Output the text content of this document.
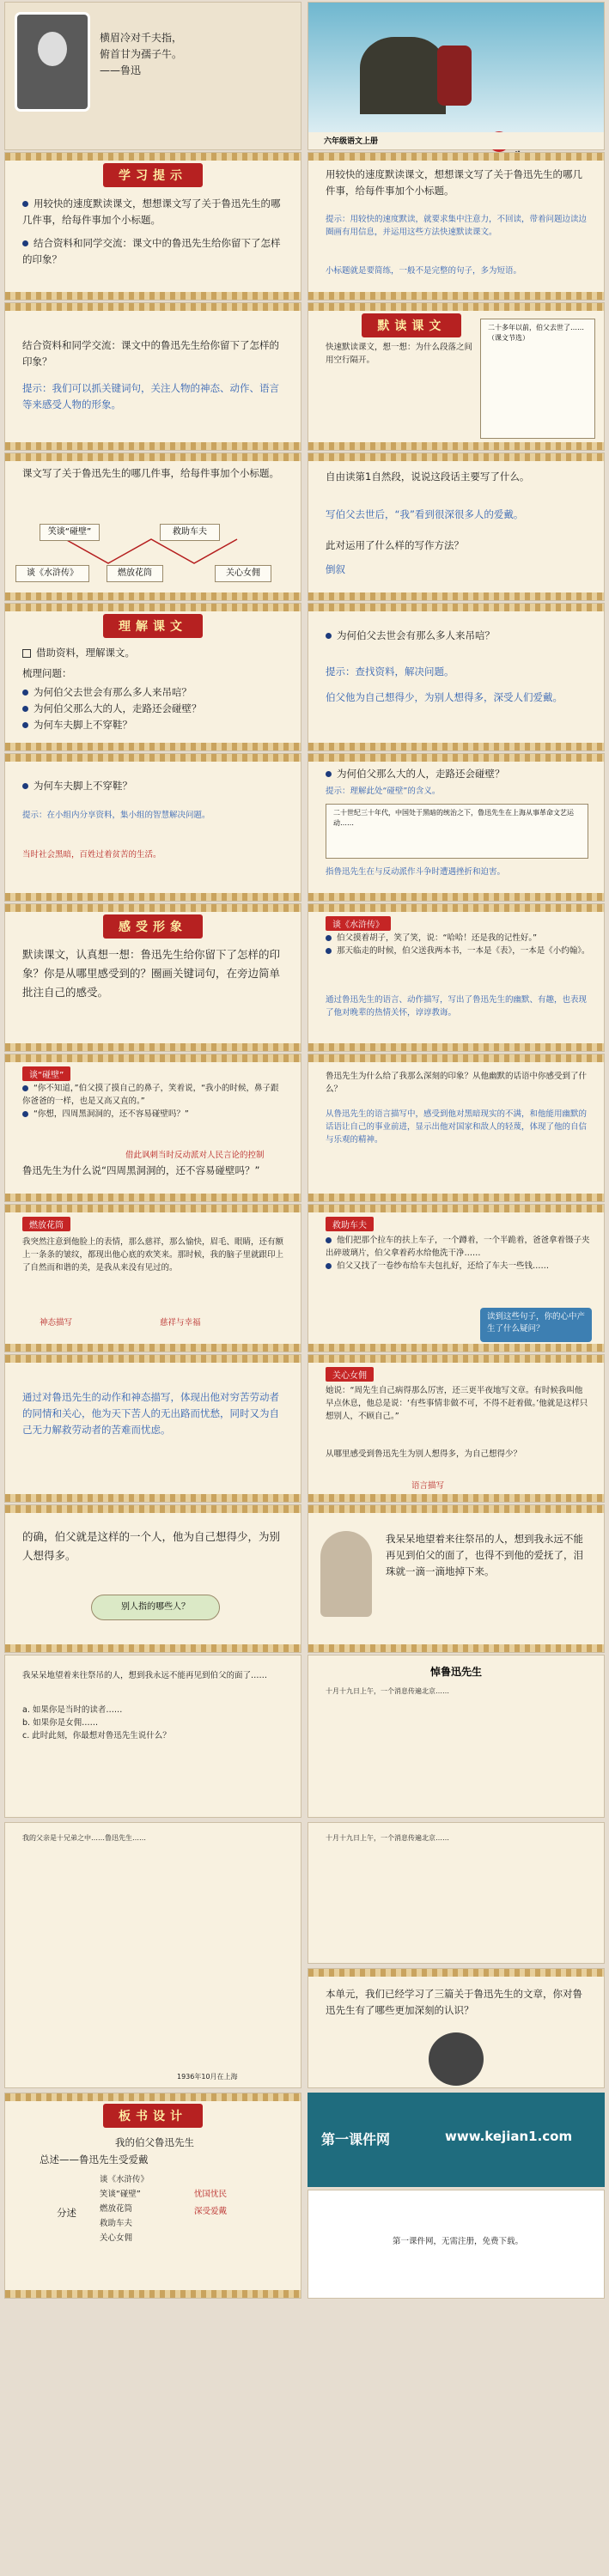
横眉冷对千夫指，
俯首甘为孺子牛。
——鲁迅
六年级语文上册
学习提示
用较快的速度默读课文，想想课文写了关于鲁迅先生的哪几件事，给每件事加个小标题。
结合资料和同学交流：课文中的鲁迅先生给你留下了怎样的印象？
用较快的速度默读课文，想想课文写了关于鲁迅先生的哪几件事，给每件事加个小标题。
提示：用较快的速度默读，就要求集中注意力，不回读，带着问题边读边圈画有用信息，并运用这些方法快速默读课文。
小标题就是要简练，一般不是完整的句子，多为短语。
结合资料和同学交流：课文中的鲁迅先生给你留下了怎样的印象？
提示：我们可以抓关键词句，关注人物的神态、动作、语言等来感受人物的形象。
默读课文
快速默读课文，想一想：为什么段落之间用空行隔开。
二十多年以前，伯父去世了……（课文节选）
课文写了关于鲁迅先生的哪几件事，给每件事加个小标题。
笑谈“碰壁”	救助车夫
谈《水浒传》	燃放花筒	关心女佣
自由读第1自然段，说说这段话主要写了什么。
写伯父去世后，“我”看到很深很多人的爱戴。
此对运用了什么样的写作方法？
倒叙
理解课文
借助资料，理解课文。
梳理问题：
为何伯父去世会有那么多人来吊唁？
为何伯父那么大的人，走路还会碰壁？
为何车夫脚上不穿鞋？
为何伯父去世会有那么多人来吊唁？
提示：查找资料，解决问题。
伯父他为自己想得少，为别人想得多，深受人们爱戴。
为何车夫脚上不穿鞋？
提示：在小组内分享资料，集小组的智慧解决问题。
当时社会黑暗，百姓过着贫苦的生活。
为何伯父那么大的人，走路还会碰壁？
提示：理解此处“碰壁”的含义。
二十世纪三十年代，中国处于黑暗的统治之下，鲁迅先生在上海从事革命文艺运动……
指鲁迅先生在与反动派作斗争时遭遇挫折和迫害。
感受形象
默读课文，认真想一想：鲁迅先生给你留下了怎样的印象？你是从哪里感受到的？圈画关键词句，在旁边简单批注自己的感受。
谈《水浒传》
伯父摸着胡子，笑了笑，说：“哈哈！还是我的记性好。”
那天临走的时候，伯父送我两本书，一本是《表》，一本是《小约翰》。
通过鲁迅先生的语言、动作描写，写出了鲁迅先生的幽默、有趣，也表现了他对晚辈的热情关怀，谆谆教诲。
谈“碰壁”
“你不知道，”伯父摸了摸自己的鼻子，笑着说，“我小的时候，鼻子跟你爸爸的一样，也是又高又直的。”
“你想，四周黑洞洞的，还不容易碰壁吗？”
借此讽刺当时反动派对人民言论的控制
鲁迅先生为什么说“四周黑洞洞的，还不容易碰壁吗？”
鲁迅先生为什么给了我那么深刻的印象？从他幽默的话语中你感受到了什么？
从鲁迅先生的语言描写中，感受到他对黑暗现实的不满，和他能用幽默的话语让自己的事业前进，显示出他对国家和敌人的轻蔑，体现了他的自信与乐观的精神。
燃放花筒
我突然注意到他脸上的表情，那么慈祥，那么愉快，眉毛、眼睛，还有额上一条条的皱纹，都现出他心底的欢笑来。那时候，我的脑子里就跟印上了自然而和谐的美，是我从来没有见过的。
神态描写	慈祥与幸福
救助车夫
他们把那个拉车的扶上车子，一个蹲着，一个半跪着，爸爸拿着镊子夹出碎玻璃片，伯父拿着药水给他洗干净……
伯父又找了一卷纱布给车夫包扎好，还给了车夫一些钱……
读到这些句子，你的心中产生了什么疑问？
通过对鲁迅先生的动作和神态描写，体现出他对穷苦劳动者的同情和关心，他为天下苦人的无出路而忧愁，同时又为自己无力解救劳动者的苦难而忧虑。
关心女佣
她说：“周先生自己病得那么厉害，还三更半夜地写文章。有时候我叫他早点休息，他总是说：‘有些事情非做不可，不得不赶着做。’他就是这样只想别人，不顾自己。”
从哪里感受到鲁迅先生为别人想得多，为自己想得少？
语言描写
的确，伯父就是这样的一个人，他为自己想得少，为别人想得多。
别人指的哪些人？
我呆呆地望着来往祭吊的人，想到我永远不能再见到伯父的面了，也得不到他的爱抚了，泪珠就一滴一滴地掉下来。
我呆呆地望着来往祭吊的人，想到我永远不能再见到伯父的面了……
a. 如果你是当时的读者……
b. 如果你是女佣……
c. 此时此刻，你最想对鲁迅先生说什么？
悼鲁迅先生
十月十九日上午，一个消息传遍北京……
我的父亲是十兄弟之中……鲁迅先生……
1936年10月在上海
十月十九日上午，一个消息传遍北京……
本单元，我们已经学习了三篇关于鲁迅先生的文章，你对鲁迅先生有了哪些更加深刻的认识？
板书设计
我的伯父鲁迅先生
总述——鲁迅先生受爱戴
分述
谈《水浒传》
笑谈“碰壁”
燃放花筒
救助车夫
关心女佣
忧国忧民
深受爱戴
第一课件网	www.kejian1.com
第一课件网，无需注册，免费下载。
